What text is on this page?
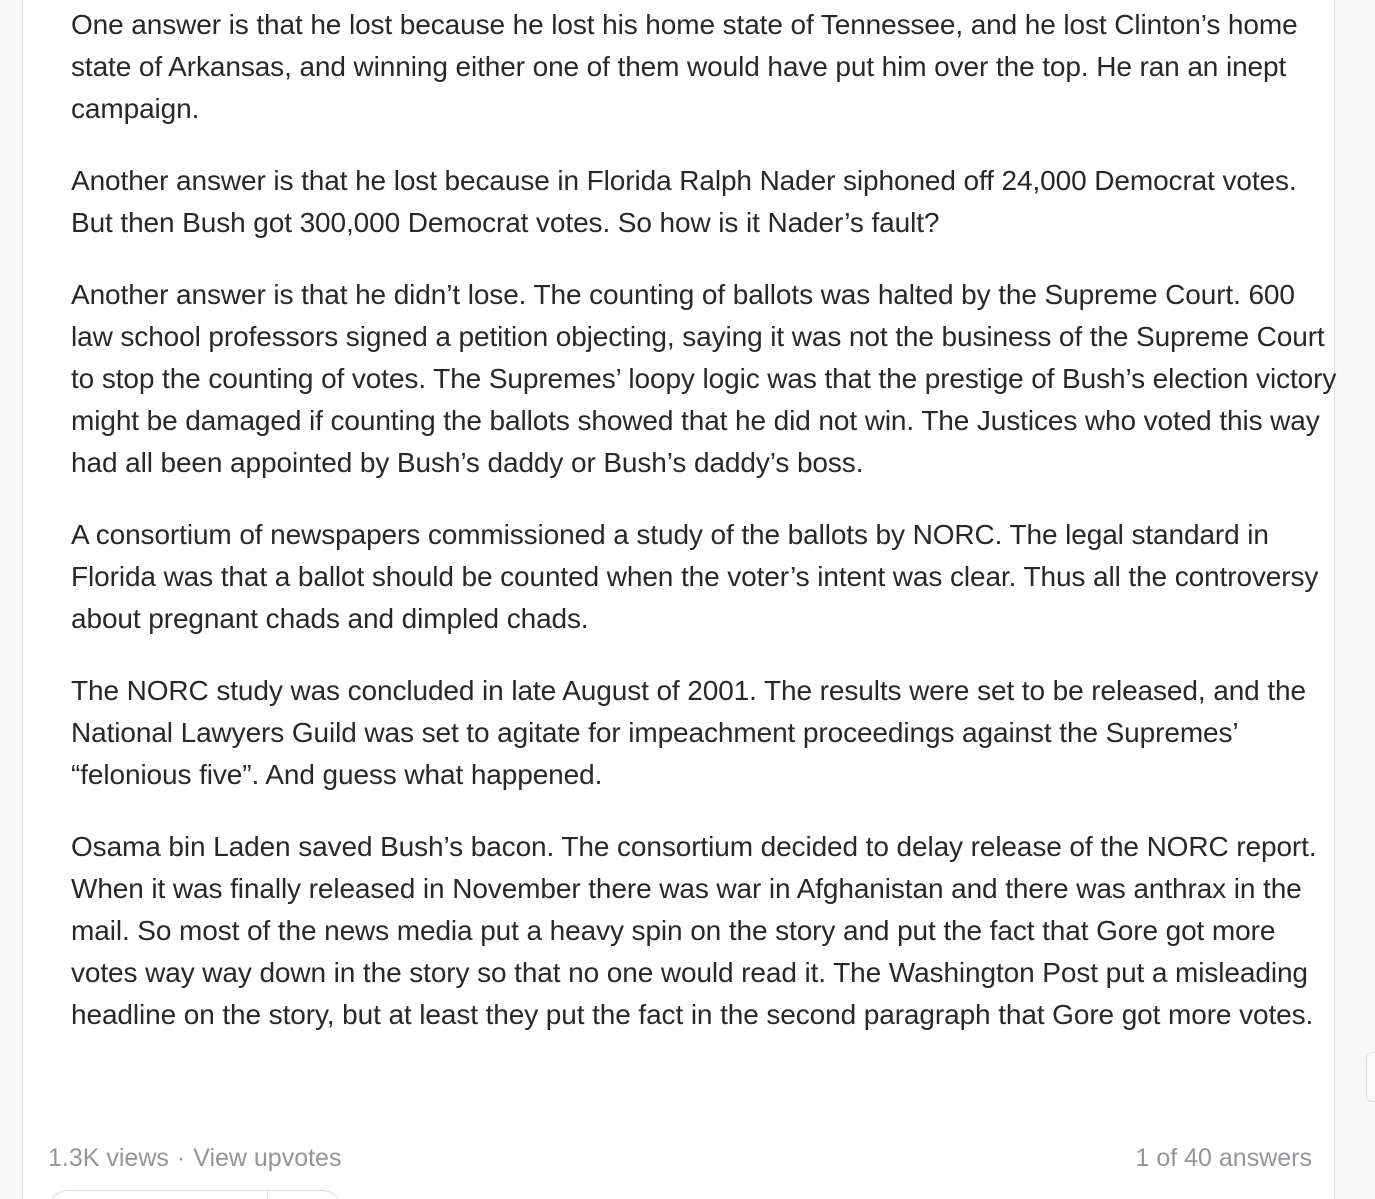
One answer is that he lost because he lost his home state of Tennessee, and he lost Clinton’s home state of Arkansas, and winning either one of them would have put him over the top. He ran an inept campaign.

Another answer is that he lost because in Florida Ralph Nader siphoned off 24,000 Democrat votes. But then Bush got 300,000 Democrat votes. So how is it Nader’s fault?

Another answer is that he didn’t lose. The counting of ballots was halted by the Supreme Court. 600 law school professors signed a petition objecting, saying it was not the business of the Supreme Court to stop the counting of votes. The Supremes’ loopy logic was that the prestige of Bush’s election victory might be damaged if counting the ballots showed that he did not win. The Justices who voted this way had all been appointed by Bush’s daddy or Bush’s daddy’s boss.

A consortium of newspapers commissioned a study of the ballots by NORC. The legal standard in Florida was that a ballot should be counted when the voter’s intent was clear. Thus all the controversy about pregnant chads and dimpled chads.

The NORC study was concluded in late August of 2001. The results were set to be released, and the National Lawyers Guild was set to agitate for impeachment proceedings against the Supremes’ “felonious five”. And guess what happened.

Osama bin Laden saved Bush’s bacon. The consortium decided to delay release of the NORC report. When it was finally released in November there was war in Afghanistan and there was anthrax in the mail. So most of the news media put a heavy spin on the story and put the fact that Gore got more votes way way down in the story so that no one would read it. The Washington Post put a misleading headline on the story, but at least they put the fact in the second paragraph that Gore got more votes.

1.3K views · View upvotes	1 of 40 answers
